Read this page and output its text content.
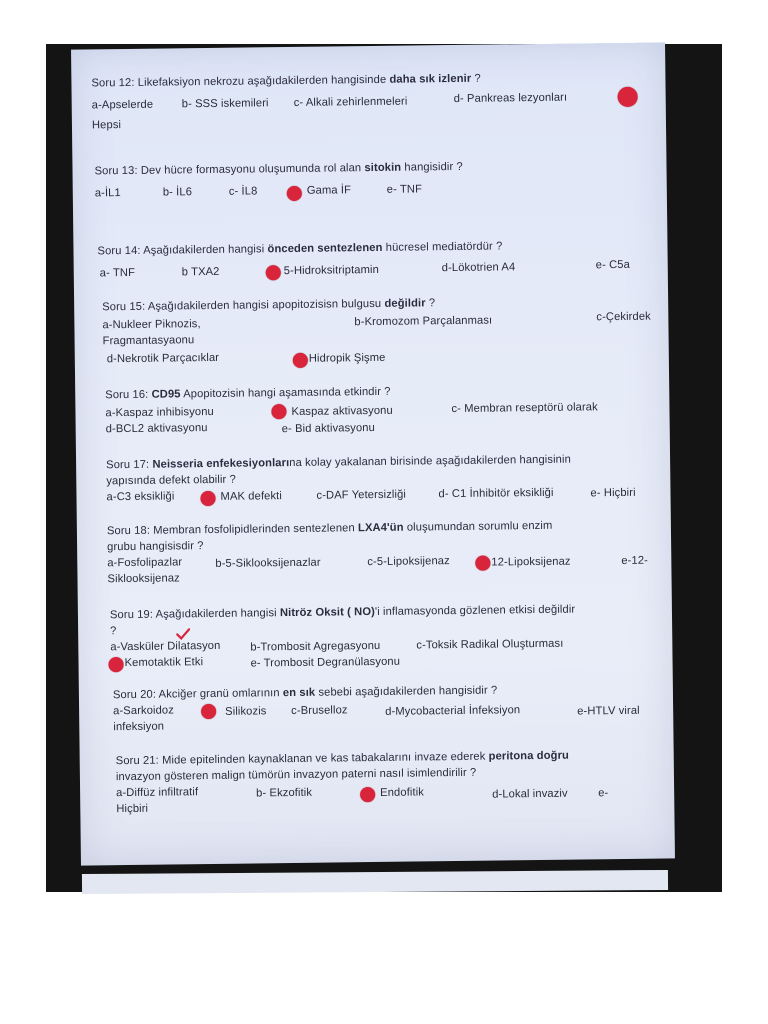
Soru 12: Likefaksiyon nekrozu aşağıdakilerden hangisinde daha sık izlenir ?
a-Apselerde	b- SSS iskemileri c- Alkali zehirlenmeleri	d- Pankreas lezyonları
Hepsi
Soru 13: Dev hücre formasyonu oluşumunda rol alan sitokin hangisidir ?
a-İL1	b- İL6	c- İL8	Gama İF	e- TNF
Soru 14: Aşağıdakilerden hangisi önceden sentezlenen hücresel mediatördür ?
a- TNF	b TXA2	5-Hidroksitriptamin	d-Lökotrien A4	e- C5a
Soru 15: Aşağıdakilerden hangisi apopitozisisn bulgusu değildir ?
a-Nukleer Piknozis,	b-Kromozom Parçalanması	c-Çekirdek
Fragmantasyaonu
d-Nekrotik Parçacıklar	Hidropik Şişme
Soru 16: CD95 Apopitozisin hangi aşamasında etkindir ?
a-Kaspaz inhibisyonu	Kaspaz aktivasyonu	c- Membran reseptörü olarak
d-BCL2 aktivasyonu	e- Bid aktivasyonu
Soru 17: Neisseria enfekesiyonlarına kolay yakalanan birisinde aşağıdakilerden hangisinin
yapısında defekt olabilir ?
a-C3 eksikliği	MAK defekti	c-DAF Yetersizliği	d- C1 İnhibitör eksikliği	e- Hiçbiri
Soru 18: Membran fosfolipidlerinden sentezlenen LXA4'ün oluşumundan sorumlu enzim
grubu hangisisdir ?
a-Fosfolipazlar	b-5-Siklooksijenazlar	c-5-Lipoksijenaz	12-Lipoksijenaz	e-12-
Siklooksijenaz
Soru 19: Aşağıdakilerden hangisi Nitröz Oksit ( NO)'i inflamasyonda gözlenen etkisi değildir
?
a-Vasküler Dilatasyon	b-Trombosit Agregasyonu	c-Toksik Radikal Oluşturması
Kemotaktik Etki	e- Trombosit Degranülasyonu
Soru 20: Akciğer granü omlarının en sık sebebi aşağıdakilerden hangisidir ?
a-Sarkoidoz	Silikozis c-Bruselloz	d-Mycobacterial İnfeksiyon	e-HTLV viral
infeksiyon
Soru 21: Mide epitelinden kaynaklanan ve kas tabakalarını invaze ederek peritona doğru
invazyon gösteren malign tümörün invazyon paterni nasıl isimlendirilir ?
a-Diffüz infiltratif	b- Ekzofitik	Endofitik	d-Lokal invaziv	e-
Hiçbiri
